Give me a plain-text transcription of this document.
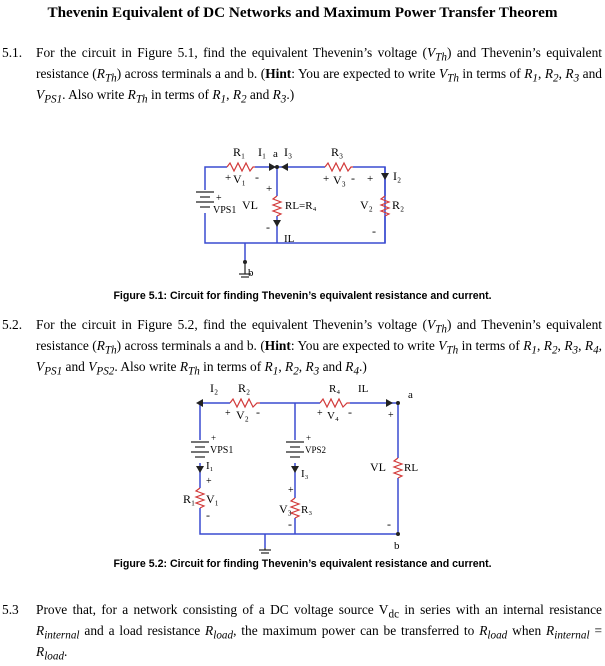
Thevenin Equivalent of DC Networks and Maximum Power Transfer Theorem
5.1. For the circuit in Figure 5.1, find the equivalent Thevenin’s voltage $(V_{Th})$ and Thevenin’s equivalent resistance $(R_{Th})$ across terminals a and b. (Hint: You are expected to write $V_{Th}$ in terms of $R_1$, $R_2$, $R_3$ and $V_{PS1}$. Also write $R_{Th}$ in terms of $R_1$, $R_2$ and $R_3$.)
R₁ I₁ a I₃	R₃
+ V₁ -	+ V₃ - + I₂
+
VPS1
+
VL RL=R₄
-
V₂ R₂
IL
-
b
Figure 5.1: Circuit for finding Thevenin’s equivalent resistance and current.
5.2. For the circuit in Figure 5.2, find the equivalent Thevenin’s voltage $(V_{Th})$ and Thevenin’s equivalent resistance $(R_{Th})$ across terminals a and b. (Hint: You are expected to write $V_{Th}$ in terms of $R_1$, $R_2$, $R_3$, $R_4$, $V_{PS1}$ and $V_{PS2}$. Also write $R_{Th}$ in terms of $R_1$, $R_2$, $R_3$ and $R_4$.)
I₂ R₂
+ V₂ -
R₄ IL	a
+ V₄ -	+
+
VPS1
+
VPS2
I₁
I₃
+
R₁ V₁
-
+
V₃ R₃
-
VL RL
-
b
Figure 5.2: Circuit for finding Thevenin’s equivalent resistance and current.
5.3 Prove that, for a network consisting of a DC voltage source $V_{dc}$ in series with an internal resistance $R_{internal}$ and a load resistance $R_{load}$, the maximum power can be transferred to $R_{load}$ when $R_{internal} = R_{load}$.
